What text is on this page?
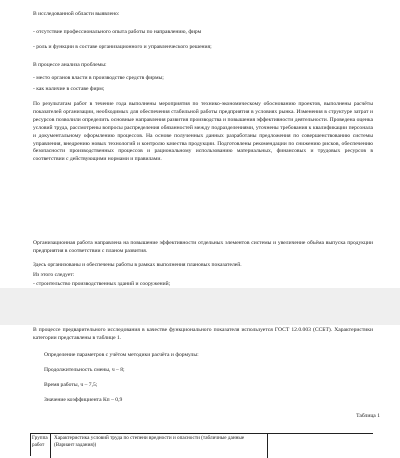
В исследованной области выявлено:
- отсутствие профессионального опыта работы по направлению, фирм
- роль и функции в составе организационного и управленческого решения;
В процессе анализа проблемы:
- место органов власти в производстве средств фирмы;
- как наличие в составе фирм;
По результатам работ в течение года выполнены мероприятия по технико-экономическому обоснованию проектов, выполнены расчёты показателей организации, необходимых для обеспечения стабильной работы предприятия в условиях рынка. Изменения в структуре затрат и ресурсов позволили определить основные направления развития производства и повышения эффективности деятельности. Проведена оценка условий труда, рассмотрены вопросы распределения обязанностей между подразделениями, уточнены требования к квалификации персонала и документальному оформлению процессов. На основе полученных данных разработаны предложения по совершенствованию системы управления, внедрению новых технологий и контролю качества продукции. Подготовлены рекомендации по снижению рисков, обеспечению безопасности производственных процессов и рациональному использованию материальных, финансовых и трудовых ресурсов в соответствии с действующими нормами и правилами.
Организационная работа направлена на повышение эффективности отдельных элементов системы и увеличение объёма выпуска продукции предприятия в соответствии с планом развития.
Здесь организованы и обеспечены работы в рамках выполнения плановых показателей.
Из этого следует:
- строительство производственных зданий и сооружений;
В процессе предварительного исследования в качестве функционального показателя используется ГОСТ 12.0.003 (ССБТ). Характеристики категории представлены в таблице 1.
Определение параметров с учётом методики расчёта и формулы:
Продолжительность смены, ч – 8;
Время работы, ч – 7,5;
Значение коэффициента Кп – 0,9
Таблица 1
Группа работ
Характеристика условий труда по степени вредности и опасности (табличные данные (Вариант задания))
